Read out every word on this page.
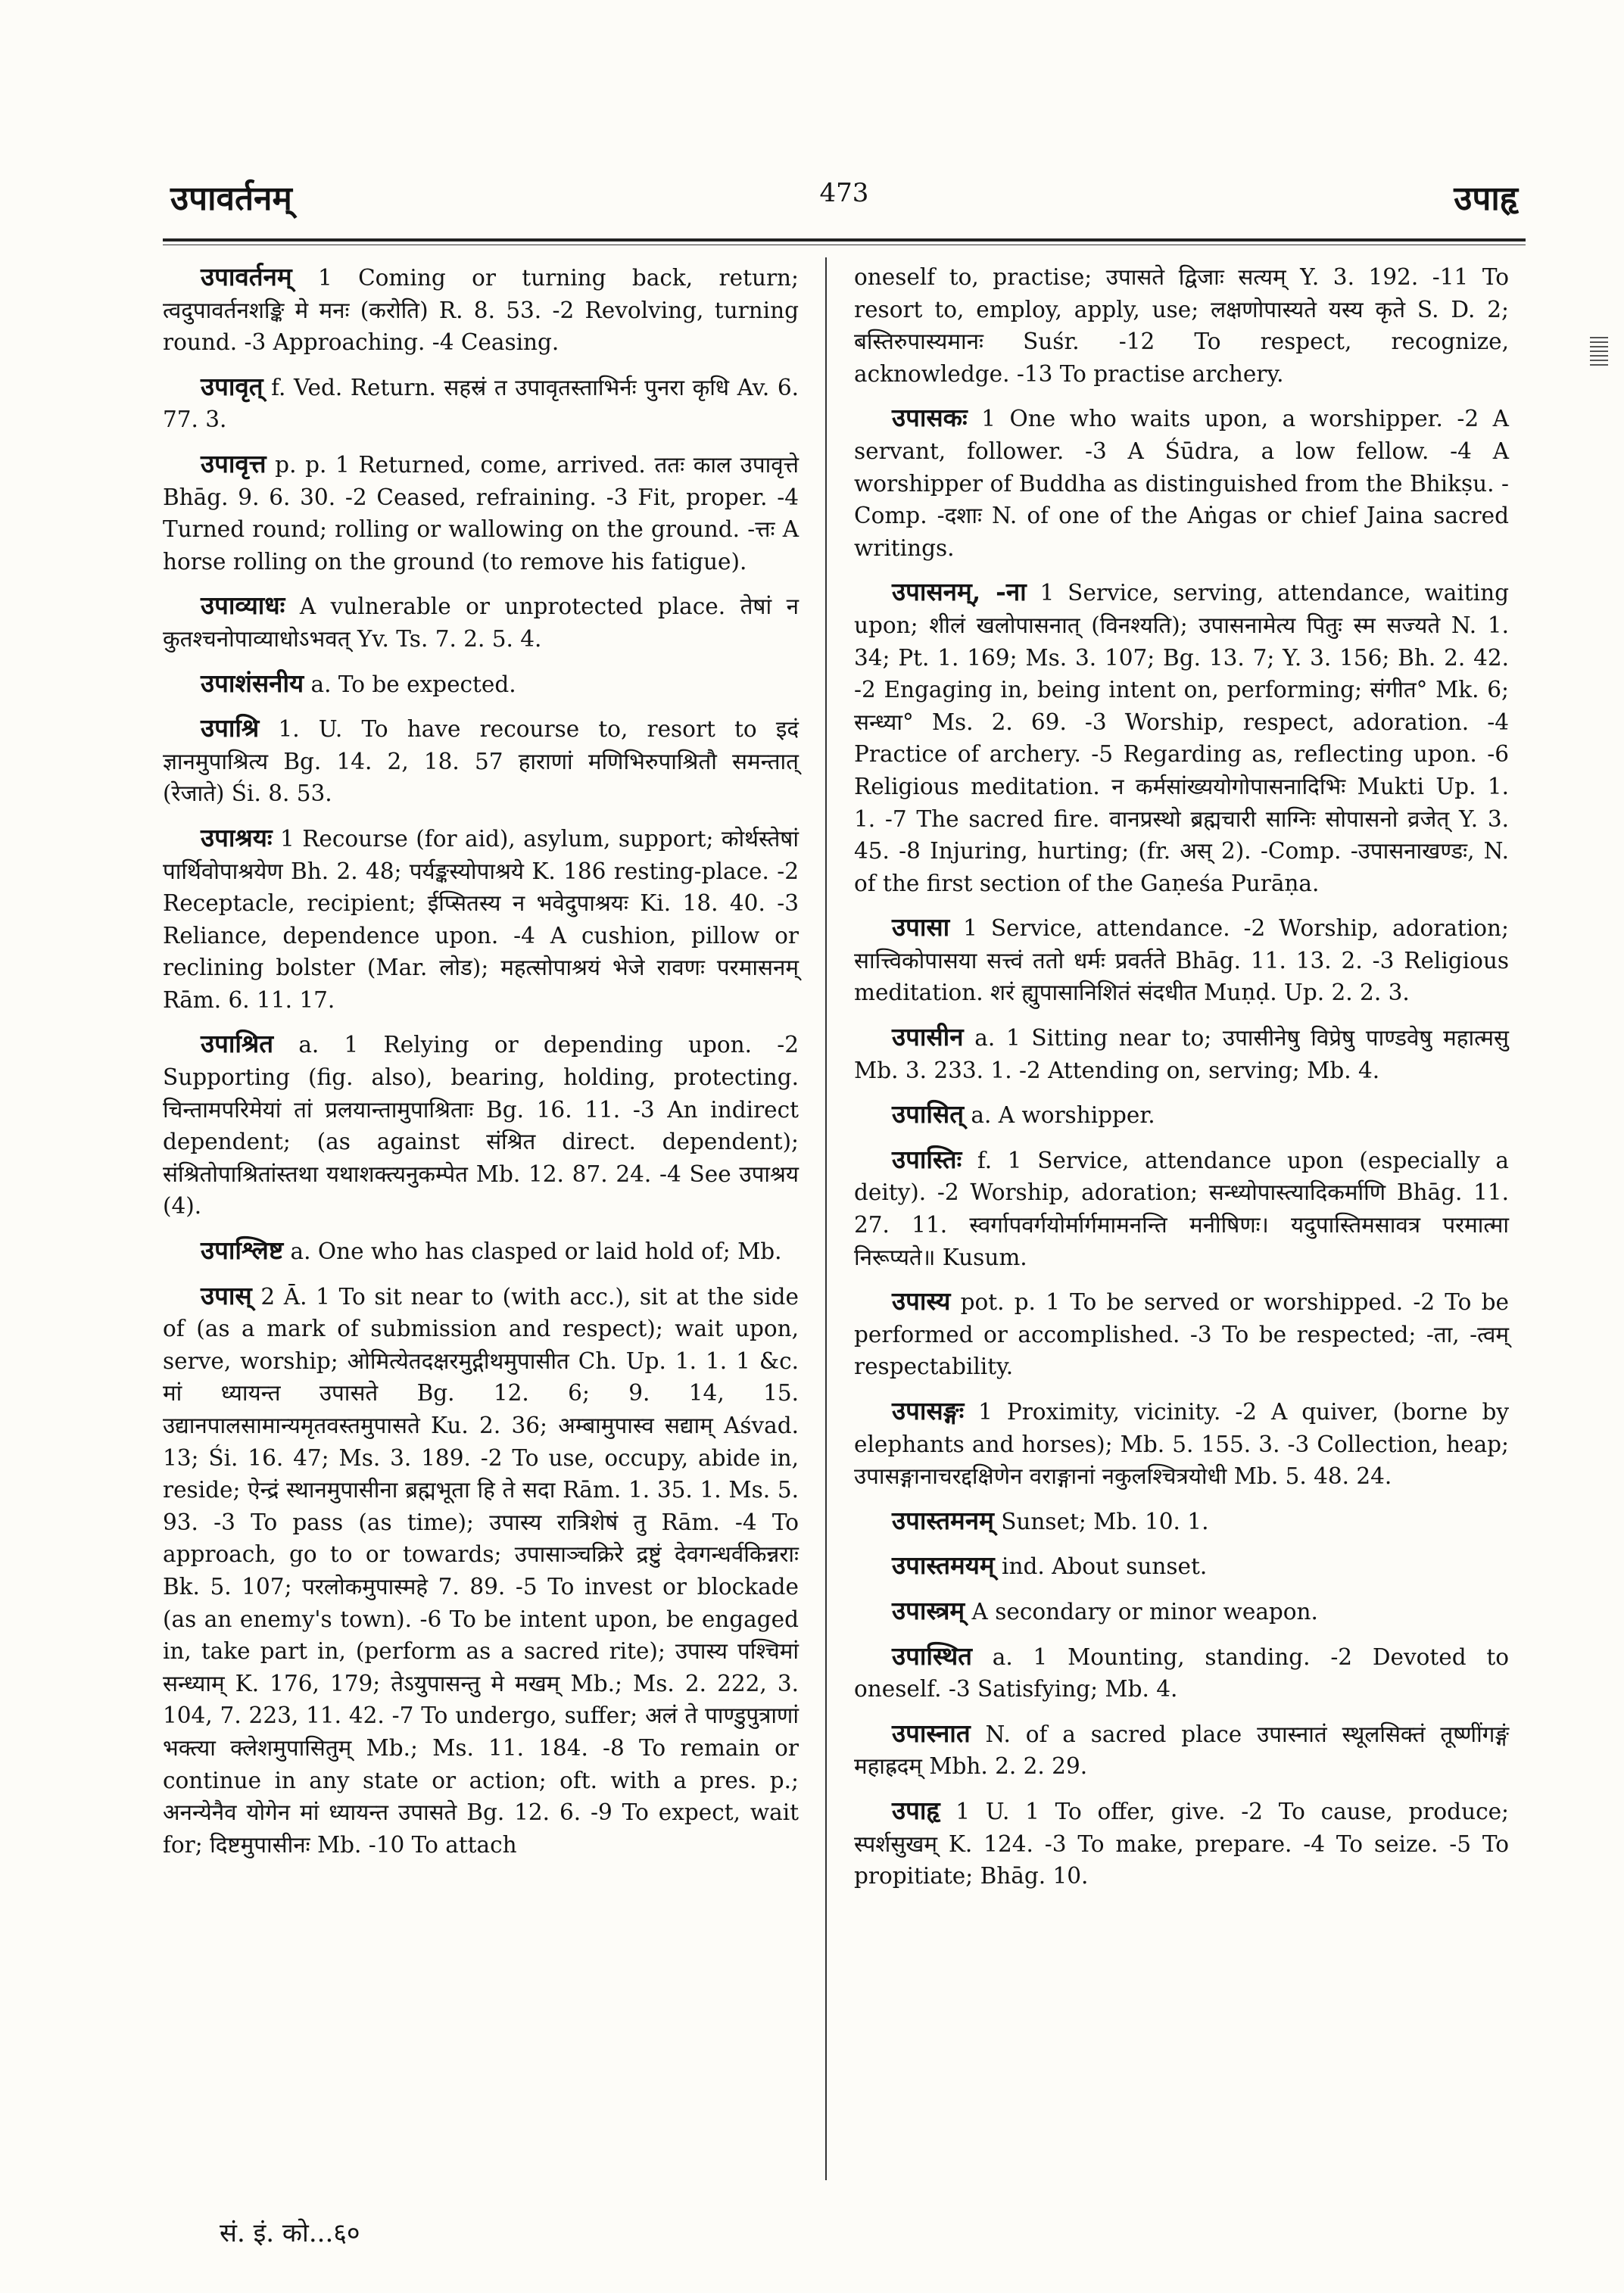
उपावर्तनम्	473	उपाहृ

उपावर्तनम् 1 Coming or turning back, return; त्वदुपावर्तनशङ्कि मे मनः (करोति) R. 8. 53. -2 Revolving, turning round. -3 Approaching. -4 Ceasing.

उपावृत् f. Ved. Return. सहस्रं त उपावृतस्ताभिर्नः पुनरा कृधि Av. 6. 77. 3.

उपावृत्त p. p. 1 Returned, come, arrived. ततः काल उपावृत्ते Bhāg. 9. 6. 30. -2 Ceased, refraining. -3 Fit, proper. -4 Turned round; rolling or wallowing on the ground. -त्तः A horse rolling on the ground (to remove his fatigue).

उपाव्याधः A vulnerable or unprotected place. तेषां न कुतश्चनोपाव्याधोऽभवत् Yv. Ts. 7. 2. 5. 4.

उपाशंसनीय a. To be expected.

उपाश्रि 1. U. To have recourse to, resort to इदं ज्ञानमुपाश्रित्य Bg. 14. 2, 18. 57 हाराणां मणिभिरुपाश्रितौ समन्तात् (रेजाते) Śi. 8. 53.

उपाश्रयः 1 Recourse (for aid), asylum, support; कोर्थस्तेषां पार्थिवोपाश्रयेण Bh. 2. 48; पर्यङ्कस्योपाश्रये K. 186 resting-place. -2 Receptacle, recipient; ईप्सितस्य न भवेदुपाश्रयः Ki. 18. 40. -3 Reliance, dependence upon. -4 A cushion, pillow or reclining bolster (Mar. लोड); महत्सोपाश्रयं भेजे रावणः परमासनम् Rām. 6. 11. 17.

उपाश्रित a. 1 Relying or depending upon. -2 Supporting (fig. also), bearing, holding, protecting. चिन्तामपरिमेयां तां प्रलयान्तामुपाश्रिताः Bg. 16. 11. -3 An indirect dependent; (as against संश्रित direct. dependent); संश्रितोपाश्रितांस्तथा यथाशक्त्यनुकम्पेत Mb. 12. 87. 24. -4 See उपाश्रय (4).

उपाश्लिष्ट a. One who has clasped or laid hold of; Mb.

उपास् 2 Ā. 1 To sit near to (with acc.), sit at the side of (as a mark of submission and respect); wait upon, serve, worship; ओमित्येतदक्षरमुद्गीथमुपासीत Ch. Up. 1. 1. 1 &c. मां ध्यायन्त उपासते Bg. 12. 6; 9. 14, 15. उद्यानपालसामान्यमृतवस्तमुपासते Ku. 2. 36; अम्बामुपास्व सद्याम् Aśvad. 13; Śi. 16. 47; Ms. 3. 189. -2 To use, occupy, abide in, reside; ऐन्द्रं स्थानमुपासीना ब्रह्मभूता हि ते सदा Rām. 1. 35. 1. Ms. 5. 93. -3 To pass (as time); उपास्य रात्रिशेषं तु Rām. -4 To approach, go to or towards; उपासाञ्चक्रिरे द्रष्टुं देवगन्धर्वकिन्नराः Bk. 5. 107; परलोकमुपास्महे 7. 89. -5 To invest or blockade (as an enemy's town). -6 To be intent upon, be engaged in, take part in, (perform as a sacred rite); उपास्य पश्चिमां सन्ध्याम् K. 176, 179; तेऽयुपासन्तु मे मखम् Mb.; Ms. 2. 222, 3. 104, 7. 223, 11. 42. -7 To undergo, suffer; अलं ते पाण्डुपुत्राणां भक्त्या क्लेशमुपासितुम् Mb.; Ms. 11. 184. -8 To remain or continue in any state or action; oft. with a pres. p.; अनन्येनैव योगेन मां ध्यायन्त उपासते Bg. 12. 6. -9 To expect, wait for; दिष्टमुपासीनः Mb. -10 To attach

oneself to, practise; उपासते द्विजाः सत्यम् Y. 3. 192. -11 To resort to, employ, apply, use; लक्षणोपास्यते यस्य कृते S. D. 2; बस्तिरुपास्यमानः Suśr. -12 To respect, recognize, acknowledge. -13 To practise archery.

उपासकः 1 One who waits upon, a worshipper. -2 A servant, follower. -3 A Śūdra, a low fellow. -4 A worshipper of Buddha as distinguished from the Bhikṣu. -Comp. -दशाः N. of one of the Aṅgas or chief Jaina sacred writings.

उपासनम्, -ना 1 Service, serving, attendance, waiting upon; शीलं खलोपासनात् (विनश्यति); उपासनामेत्य पितुः स्म सज्यते N. 1. 34; Pt. 1. 169; Ms. 3. 107; Bg. 13. 7; Y. 3. 156; Bh. 2. 42. -2 Engaging in, being intent on, performing; संगीत° Mk. 6; सन्ध्या° Ms. 2. 69. -3 Worship, respect, adoration. -4 Practice of archery. -5 Regarding as, reflecting upon. -6 Religious meditation. न कर्मसांख्ययोगोपासनादिभिः Mukti Up. 1. 1. -7 The sacred fire. वानप्रस्थो ब्रह्मचारी साग्निः सोपासनो व्रजेत् Y. 3. 45. -8 Injuring, hurting; (fr. अस् 2). -Comp. -उपासनाखण्डः, N. of the first section of the Gaṇeśa Purāṇa.

उपासा 1 Service, attendance. -2 Worship, adoration; सात्त्विकोपासया सत्त्वं ततो धर्मः प्रवर्तते Bhāg. 11. 13. 2. -3 Religious meditation. शरं ह्युपासानिशितं संदधीत Muṇḍ. Up. 2. 2. 3.

उपासीन a. 1 Sitting near to; उपासीनेषु विप्रेषु पाण्डवेषु महात्मसु Mb. 3. 233. 1. -2 Attending on, serving; Mb. 4.

उपासित् a. A worshipper.

उपास्तिः f. 1 Service, attendance upon (especially a deity). -2 Worship, adoration; सन्ध्योपास्त्यादिकर्माणि Bhāg. 11. 27. 11. स्वर्गापवर्गयोर्मार्गमामनन्ति मनीषिणः। यदुपास्तिमसावत्र परमात्मा निरूप्यते॥ Kusum.

उपास्य pot. p. 1 To be served or worshipped. -2 To be performed or accomplished. -3 To be respected; -ता, -त्वम् respectability.

उपासङ्गः 1 Proximity, vicinity. -2 A quiver, (borne by elephants and horses); Mb. 5. 155. 3. -3 Collection, heap; उपासङ्गानाचरद्दक्षिणेन वराङ्गानां नकुलश्चित्रयोधी Mb. 5. 48. 24.

उपास्तमनम् Sunset; Mb. 10. 1.

उपास्तमयम् ind. About sunset.

उपास्त्रम् A secondary or minor weapon.

उपास्थित a. 1 Mounting, standing. -2 Devoted to oneself. -3 Satisfying; Mb. 4.

उपास्नात N. of a sacred place उपास्नातं स्थूलसिक्तं तूष्णींगङ्गं महाह्रदम् Mbh. 2. 2. 29.

उपाहृ 1 U. 1 To offer, give. -2 To cause, produce; स्पर्शसुखम् K. 124. -3 To make, prepare. -4 To seize. -5 To propitiate; Bhāg. 10.

सं. इं. को...६०
